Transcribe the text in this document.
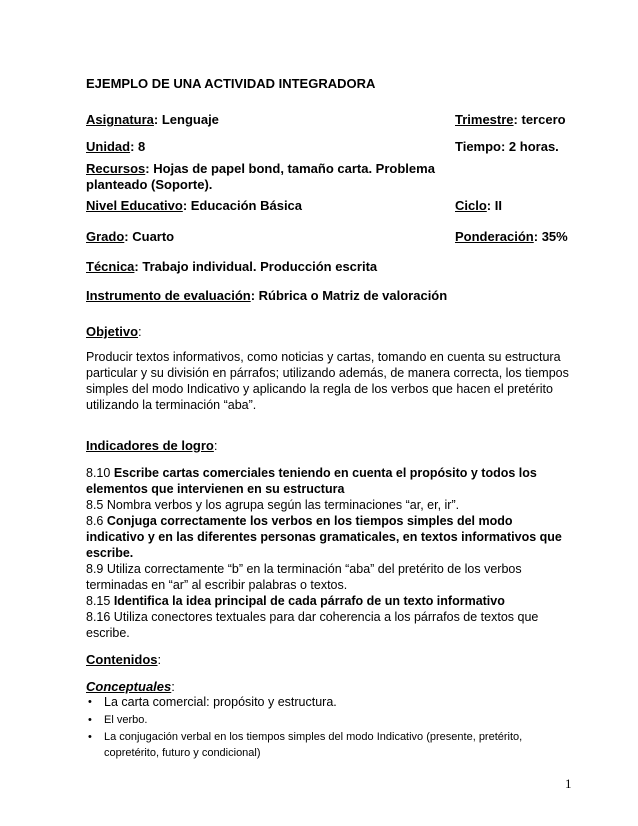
EJEMPLO DE UNA ACTIVIDAD INTEGRADORA
Asignatura: Lenguaje	Trimestre: tercero
Unidad: 8	Tiempo: 2 horas.
Recursos: Hojas de papel bond, tamaño carta. Problema
planteado (Soporte).
Nivel Educativo: Educación Básica	Ciclo: II
Grado: Cuarto	Ponderación: 35%
Técnica: Trabajo individual. Producción escrita
Instrumento de evaluación: Rúbrica o Matriz de valoración
Objetivo:
Producir textos informativos, como noticias y cartas, tomando en cuenta su estructura
particular y su división en párrafos; utilizando además, de manera correcta, los tiempos
simples del modo Indicativo y aplicando la regla de los verbos que hacen el pretérito
utilizando la terminación “aba”.
Indicadores de logro:
8.10 Escribe cartas comerciales teniendo en cuenta el propósito y todos los
elementos que intervienen en su estructura
8.5 Nombra verbos y los agrupa según las terminaciones “ar, er, ir”.
8.6 Conjuga correctamente los verbos en los tiempos simples del modo
indicativo y en las diferentes personas gramaticales, en textos informativos que
escribe.
8.9 Utiliza correctamente “b” en la terminación “aba” del pretérito de los verbos
terminadas en “ar” al escribir palabras o textos.
8.15 Identifica la idea principal de cada párrafo de un texto informativo
8.16 Utiliza conectores textuales para dar coherencia a los párrafos de textos que
escribe.
Contenidos:
Conceptuales:
• La carta comercial: propósito y estructura.
• El verbo.
• La conjugación verbal en los tiempos simples del modo Indicativo (presente, pretérito,
copretérito, futuro y condicional)
1
